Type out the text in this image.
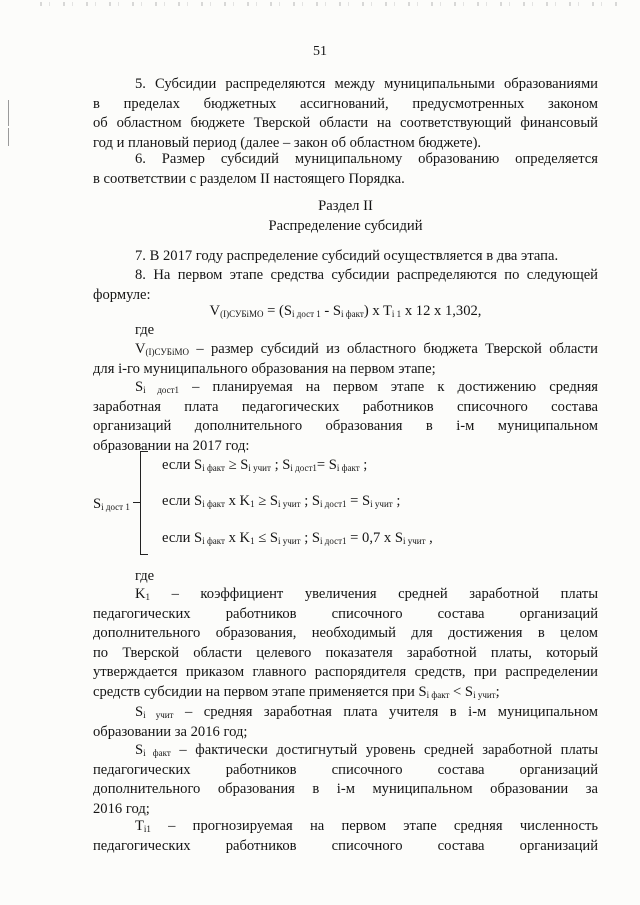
51

5. Субсидии распределяются между муниципальными образованиями

в пределах бюджетных ассигнований, предусмотренных законом

об областном бюджете Тверской области на соответствующий финансовый

год и плановый период (далее – закон об областном бюджете).

6. Размер субсидий муниципальному образованию определяется

в соответствии с разделом II настоящего Порядка.

Раздел II

Распределение субсидий

7. В 2017 году распределение субсидий осуществляется в два этапа.

8. На первом этапе средства субсидии распределяются по следующей

формуле:

$V_{(I)СУБiМО} = (S_{i дост 1} - S_{i факт})$ x $T_{i 1}$ x 12 x 1,302,

где

$V_{(I)СУБiМО}$ – размер субсидий из областного бюджета Тверской области

для i-го муниципального образования на первом этапе;

$S_{i дост1}$ – планируемая на первом этапе к достижению средняя

заработная плата педагогических работников списочного состава

организаций дополнительного образования в i-м муниципальном

образовании на 2017 год:

$S_{i дост 1}$
если $S_{i факт} \ge S_{i учит}$ ; $S_{i дост1}= S_{i факт}$ ;
если $S_{i факт}$ x $K_1 \ge S_{i учит}$ ; $S_{i дост1} = S_{i учит}$ ;
если $S_{i факт}$ x $K_1 \le S_{i учит}$ ; $S_{i дост1} = 0,7$ x $S_{i учит}$ ,

где

$K_1$ – коэффициент увеличения средней заработной платы

педагогических работников списочного состава организаций

дополнительного образования, необходимый для достижения в целом

по Тверской области целевого показателя заработной платы, который

утверждается приказом главного распорядителя средств, при распределении

средств субсидии на первом этапе применяется при $S_{i факт} < S_{i учит}$;

$S_{i учит}$ – средняя заработная плата учителя в i-м муниципальном

образовании за 2016 год;

$S_{i факт}$ – фактически достигнутый уровень средней заработной платы

педагогических работников списочного состава организаций

дополнительного образования в i-м муниципальном образовании за

2016 год;

$T_{i1}$ – прогнозируемая на первом этапе средняя численность

педагогических работников списочного состава организаций
